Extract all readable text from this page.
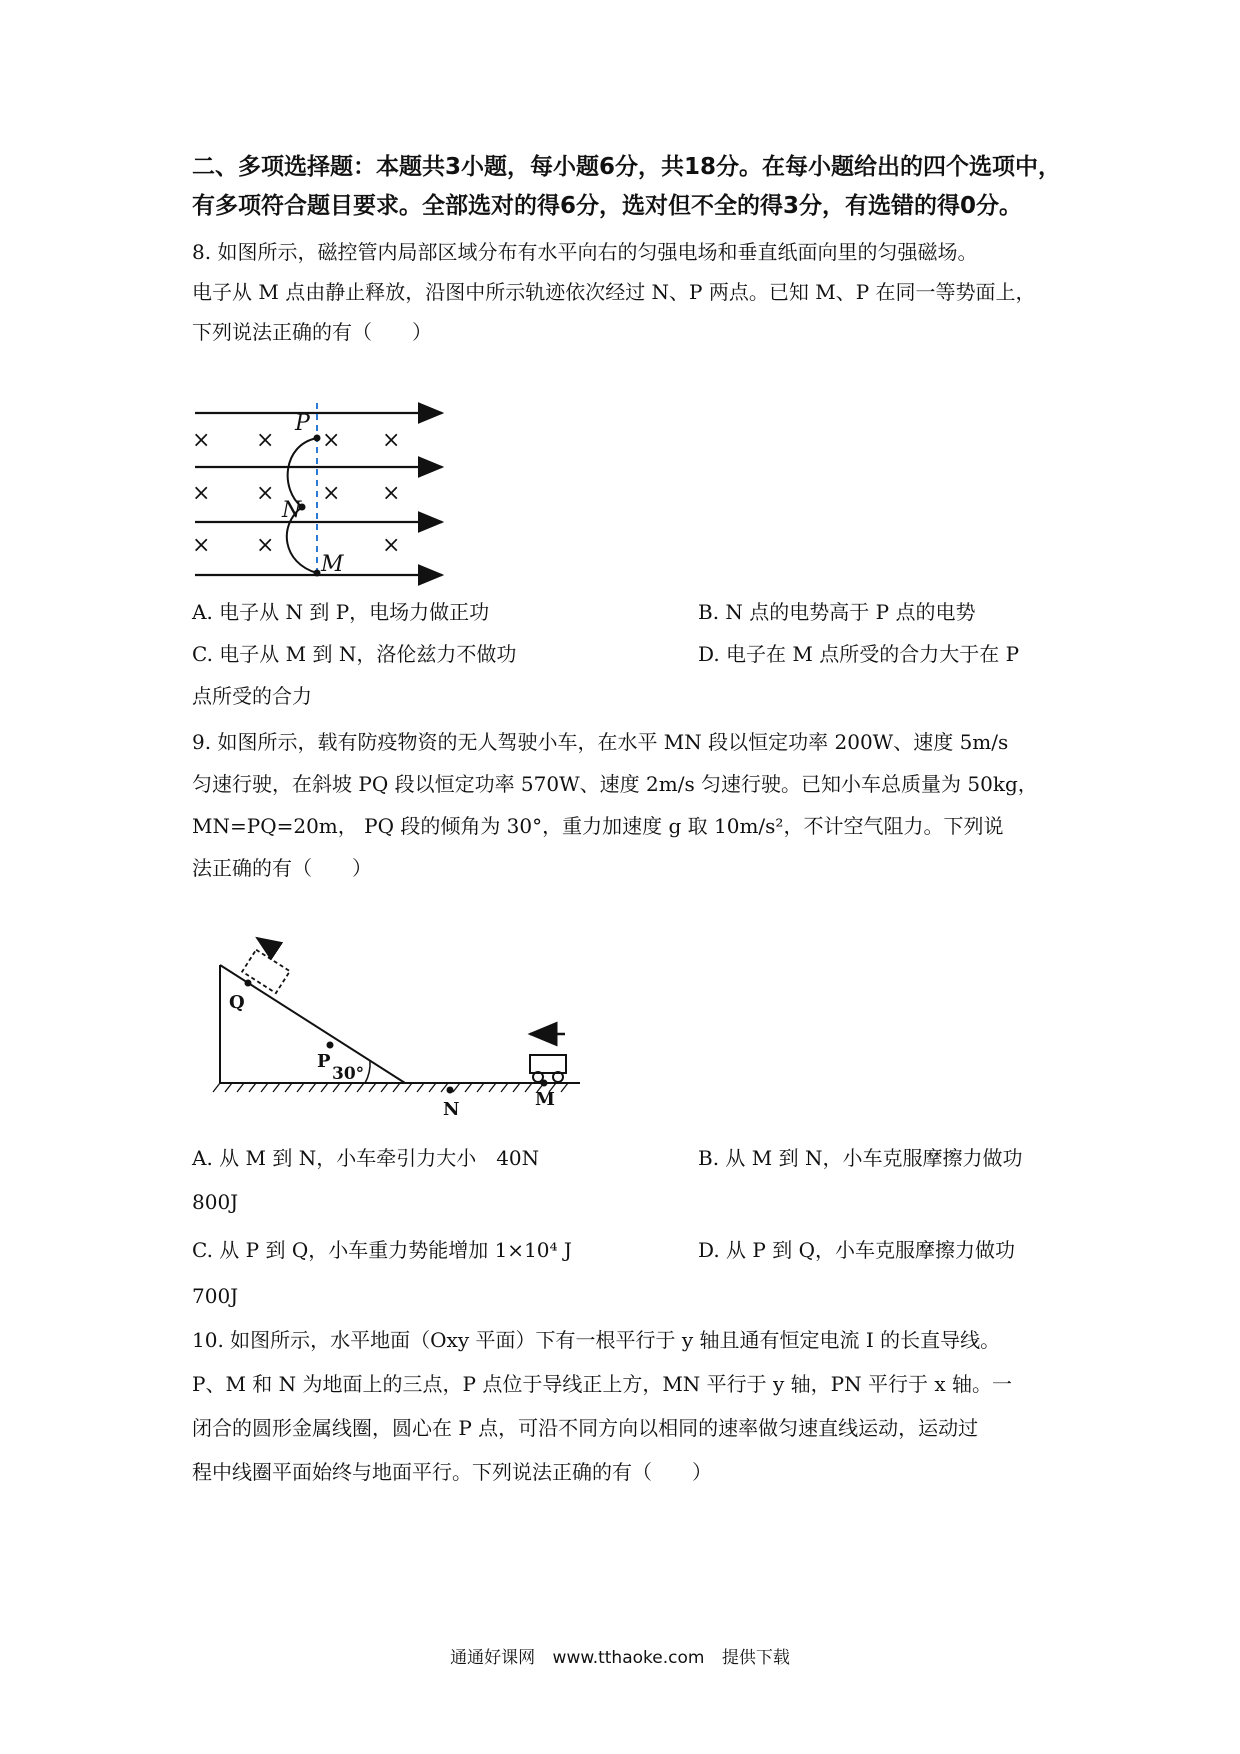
二、多项选择题：本题共3小题，每小题6分，共18分。在每小题给出的四个选项中，有多项符合题目要求。全部选对的得6分，选对但不全的得3分，有选错的得0分。
8. 如图所示，磁控管内局部区域分布有水平向右的匀强电场和垂直纸面向里的匀强磁场。
电子从 M 点由静止释放，沿图中所示轨迹依次经过 N、P 两点。已知 M、P 在同一等势面上，
下列说法正确的有（　　）
× × × ×
× × × ×
× ×	×
P
N
M
A. 电子从 N 到 P，电场力做正功	B. N 点的电势高于 P 点的电势
C. 电子从 M 到 N，洛伦兹力不做功	D. 电子在 M 点所受的合力大于在 P
点所受的合力
9. 如图所示，载有防疫物资的无人驾驶小车，在水平 MN 段以恒定功率 200W、速度 5m/s
匀速行驶，在斜坡 PQ 段以恒定功率 570W、速度 2m/s 匀速行驶。已知小车总质量为 50kg，
MN=PQ=20m， PQ 段的倾角为 30°，重力加速度 g 取 10m/s²，不计空气阻力。下列说
法正确的有（　　）
Q
P
30°
N	M
A. 从 M 到 N，小车牵引力大小　40N	B. 从 M 到 N，小车克服摩擦力做功
800J
C. 从 P 到 Q，小车重力势能增加 1×10⁴ J	D. 从 P 到 Q，小车克服摩擦力做功
700J
10. 如图所示，水平地面（Oxy 平面）下有一根平行于 y 轴且通有恒定电流 I 的长直导线。
P、M 和 N 为地面上的三点，P 点位于导线正上方，MN 平行于 y 轴，PN 平行于 x 轴。一
闭合的圆形金属线圈，圆心在 P 点，可沿不同方向以相同的速率做匀速直线运动，运动过
程中线圈平面始终与地面平行。下列说法正确的有（　　）
通通好课网 www.tthaoke.com 提供下载
